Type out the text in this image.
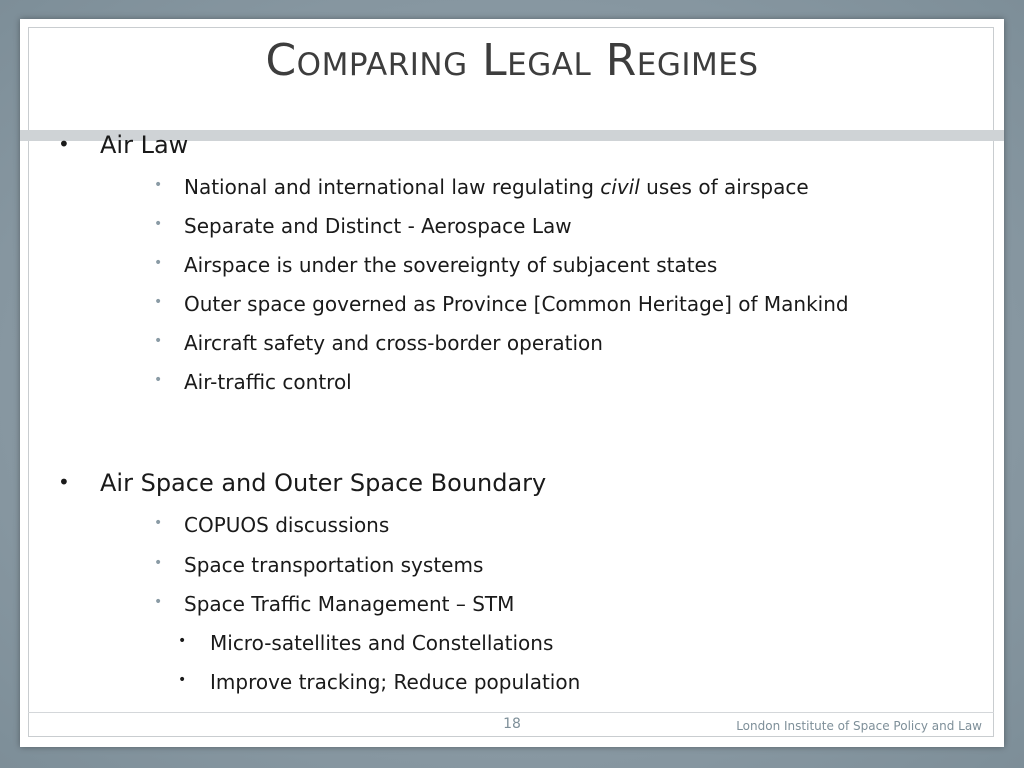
Comparing Legal Regimes
• Air Law
• National and international law regulating civil uses of airspace
• Separate and Distinct - Aerospace Law
• Airspace is under the sovereignty of subjacent states
• Outer space governed as Province [Common Heritage] of Mankind
• Aircraft safety and cross-border operation
• Air-traffic control
• Air Space and Outer Space Boundary
• COPUOS discussions
• Space transportation systems
• Space Traffic Management – STM
• Micro-satellites and Constellations
• Improve tracking; Reduce population
18	London Institute of Space Policy and Law
